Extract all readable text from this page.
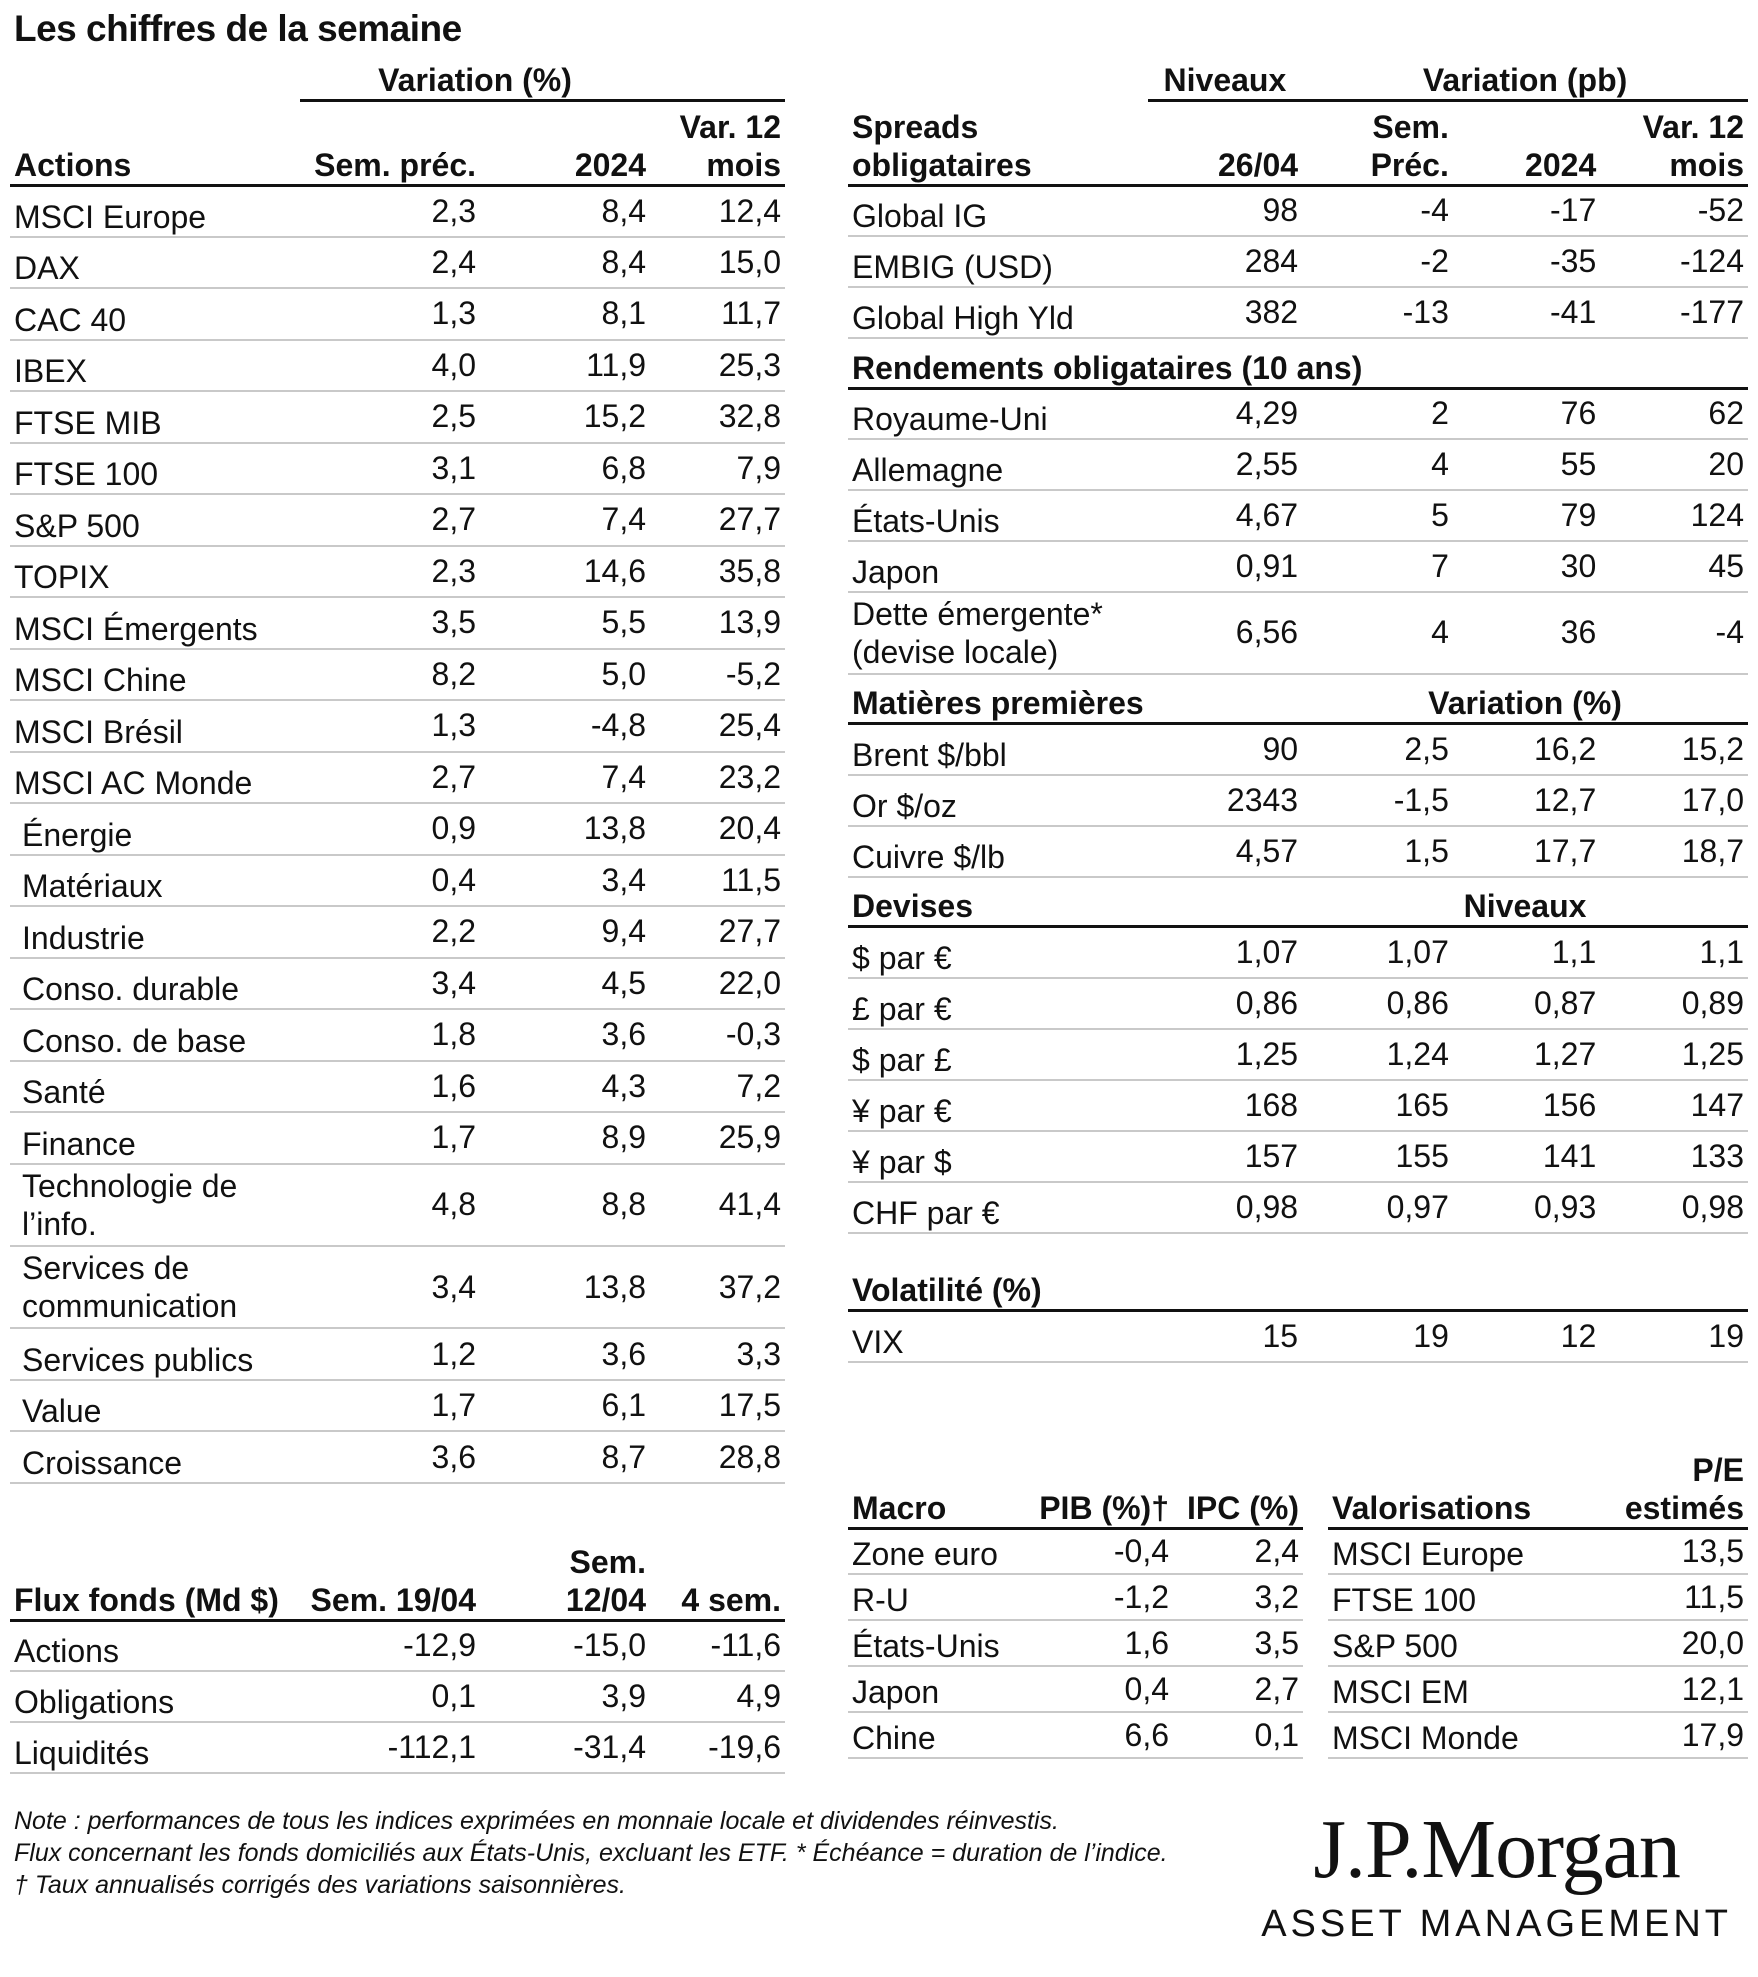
Les chiffres de la semaine
	Variation (%)		
Actions	Sem. préc.	2024	Var. 12 mois
MSCI Europe	2,3	8,4	12,4
DAX	2,4	8,4	15,0
CAC 40	1,3	8,1	11,7
IBEX	4,0	11,9	25,3
FTSE MIB	2,5	15,2	32,8
FTSE 100	3,1	6,8	7,9
S&P 500	2,7	7,4	27,7
TOPIX	2,3	14,6	35,8
MSCI Émergents	3,5	5,5	13,9
MSCI Chine	8,2	5,0	-5,2
MSCI Brésil	1,3	-4,8	25,4
MSCI AC Monde	2,7	7,4	23,2
Énergie	0,9	13,8	20,4
Matériaux	0,4	3,4	11,5
Industrie	2,2	9,4	27,7
Conso. durable	3,4	4,5	22,0
Conso. de base	1,8	3,6	-0,3
Santé	1,6	4,3	7,2
Finance	1,7	8,9	25,9
Technologie de l’info.	4,8	8,8	41,4
Services de communication	3,4	13,8	37,2
Services publics	1,2	3,6	3,3
Value	1,7	6,1	17,5
Croissance	3,6	8,7	28,8
Flux fonds (Md $)	Sem. 19/04	Sem. 12/04	4 sem.
Actions	-12,9	-15,0	-11,6
Obligations	0,1	3,9	4,9
Liquidités	-112,1	-31,4	-19,6
	Niveaux	Variation (pb)		
Spreads obligataires	26/04	Sem. Préc.	2024	Var. 12 mois
Global IG	98	-4	-17	-52
EMBIG (USD)	284	-2	-35	-124
Global High Yld	382	-13	-41	-177
Rendements obligataires (10 ans)				
Royaume-Uni	4,29	2	76	62
Allemagne	2,55	4	55	20
États-Unis	4,67	5	79	124
Japon	0,91	7	30	45
Dette émergente* (devise locale)	6,56	4	36	-4
Matières premières		Variation (%)		
Brent $/bbl	90	2,5	16,2	15,2
Or $/oz	2343	-1,5	12,7	17,0
Cuivre $/lb	4,57	1,5	17,7	18,7
Devises		Niveaux		
$ par €	1,07	1,07	1,1	1,1
£ par €	0,86	0,86	0,87	0,89
$ par £	1,25	1,24	1,27	1,25
¥ par €	168	165	156	147
¥ par $	157	155	141	133
CHF par €	0,98	0,97	0,93	0,98

Volatilité (%)				
VIX	15	19	12	19
Macro	PIB (%)†	IPC (%)
Zone euro	-0,4	2,4
R-U	-1,2	3,2
États-Unis	1,6	3,5
Japon	0,4	2,7
Chine	6,6	0,1
Valorisations	P/E estimés
MSCI Europe	13,5
FTSE 100	11,5
S&P 500	20,0
MSCI EM	12,1
MSCI Monde	17,9
Note : performances de tous les indices exprimées en monnaie locale et dividendes réinvestis.
Flux concernant les fonds domiciliés aux États-Unis, excluant les ETF. * Échéance = duration de l’indice.
† Taux annualisés corrigés des variations saisonnières.	J.P.Morgan
ASSET MANAGEMENT
